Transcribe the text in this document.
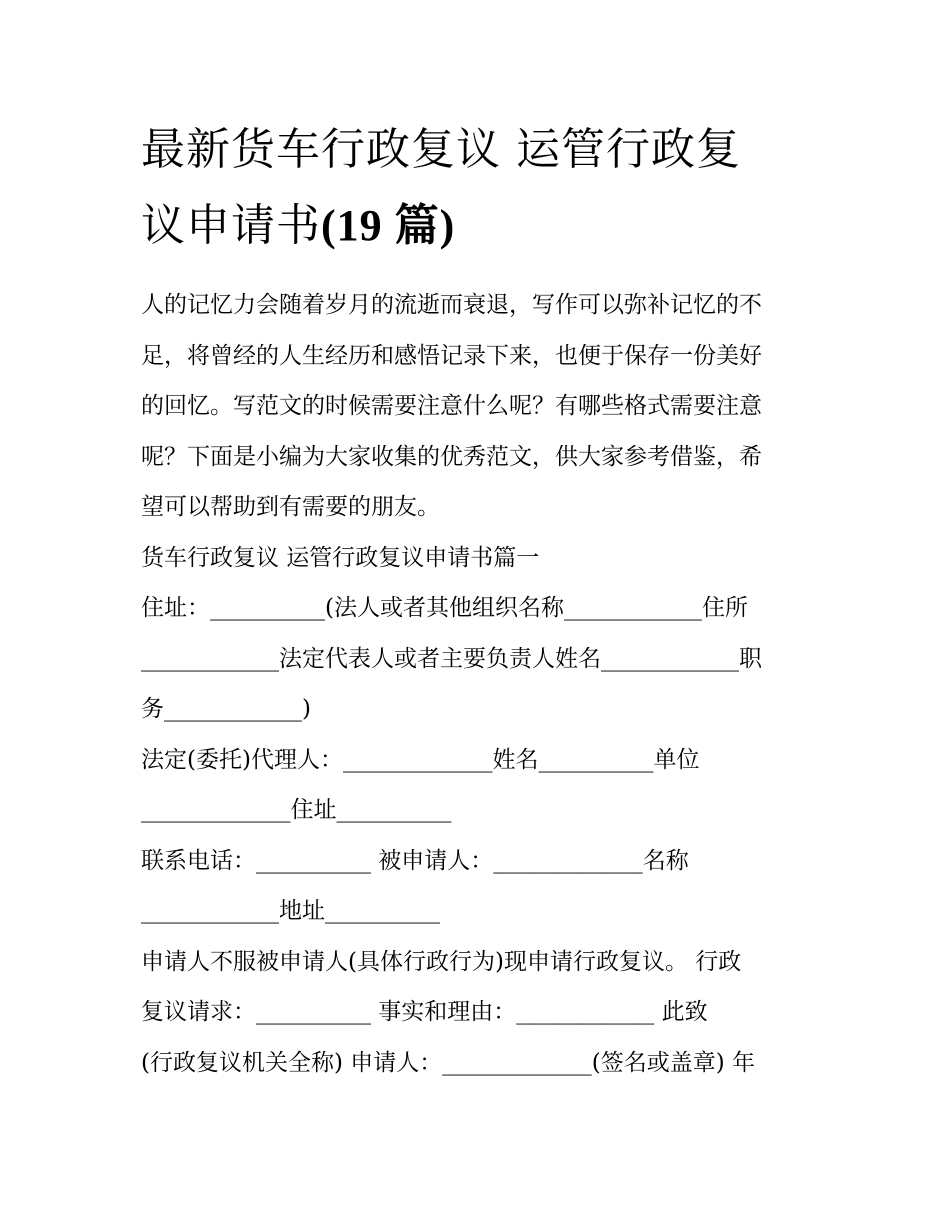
最新货车行政复议 运管行政复
议申请书(19 篇)

人的记忆力会随着岁月的流逝而衰退，写作可以弥补记忆的不

足，将曾经的人生经历和感悟记录下来，也便于保存一份美好

的回忆。写范文的时候需要注意什么呢？有哪些格式需要注意

呢？下面是小编为大家收集的优秀范文，供大家参考借鉴，希

望可以帮助到有需要的朋友。

货车行政复议 运管行政复议申请书篇一

住址：__________(法人或者其他组织名称____________住所

____________法定代表人或者主要负责人姓名____________职

务____________)

法定(委托)代理人：_____________姓名__________单位

_____________住址__________

联系电话：__________ 被申请人：_____________名称

____________地址__________

申请人不服被申请人(具体行政行为)现申请行政复议。 行政

复议请求：__________ 事实和理由：____________ 此致

(行政复议机关全称) 申请人：_____________(签名或盖章) 年
